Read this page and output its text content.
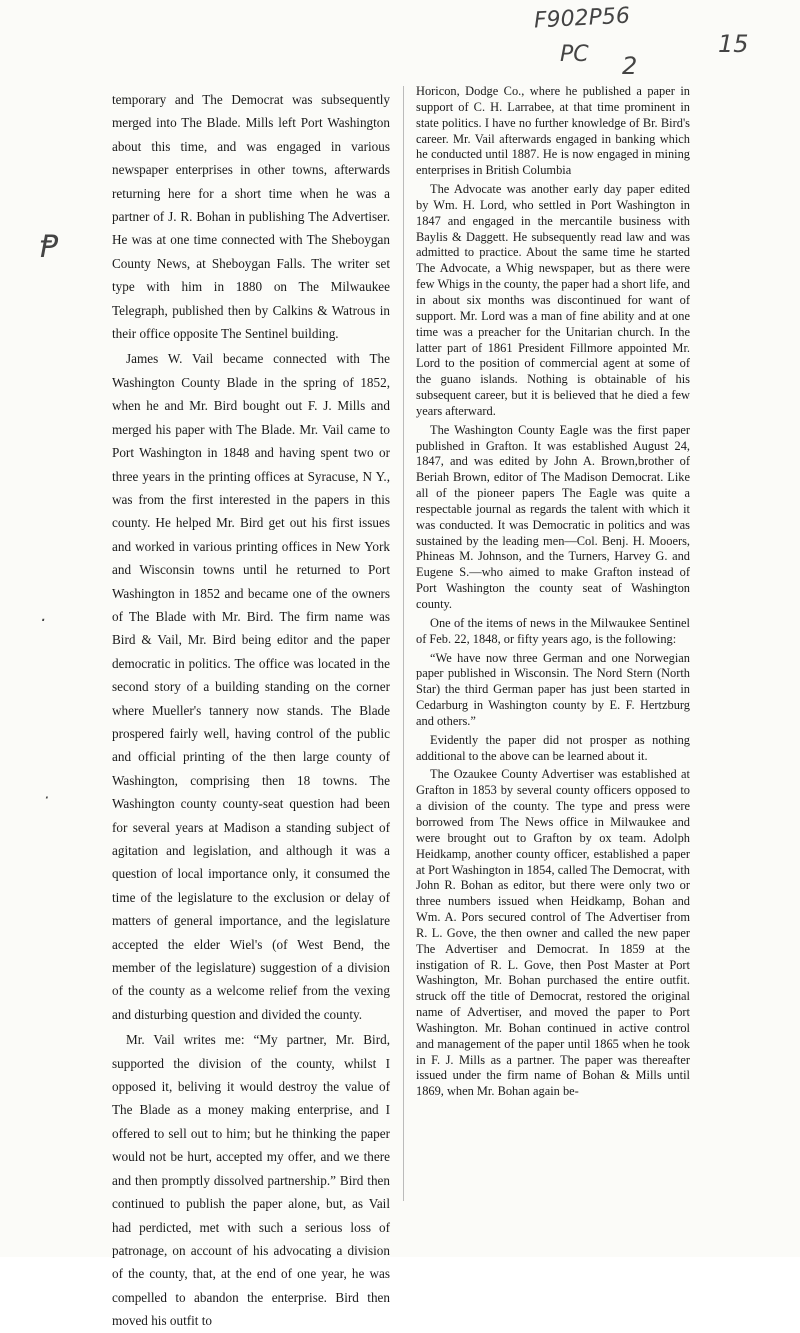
F902P56
PC 2
15
Ᵽ
·
·

temporary and The Democrat was subsequently merged into The Blade. Mills left Port Washington about this time, and was engaged in various newspaper enterprises in other towns, afterwards returning here for a short time when he was a partner of J. R. Bohan in publishing The Advertiser. He was at one time connected with The Sheboygan County News, at Sheboygan Falls. The writer set type with him in 1880 on The Milwaukee Telegraph, published then by Calkins & Watrous in their office opposite The Sentinel building.

James W. Vail became connected with The Washington County Blade in the spring of 1852, when he and Mr. Bird bought out F. J. Mills and merged his paper with The Blade. Mr. Vail came to Port Washington in 1848 and having spent two or three years in the printing offices at Syracuse, N Y., was from the first interested in the papers in this county. He helped Mr. Bird get out his first issues and worked in various printing offices in New York and Wisconsin towns until he returned to Port Washington in 1852 and became one of the owners of The Blade with Mr. Bird. The firm name was Bird & Vail, Mr. Bird being editor and the paper democratic in politics. The office was located in the second story of a building standing on the corner where Mueller's tannery now stands. The Blade prospered fairly well, having control of the public and official printing of the then large county of Washington, comprising then 18 towns. The Washington county county-seat question had been for several years at Madison a standing subject of agitation and legislation, and although it was a question of local importance only, it consumed the time of the legislature to the exclusion or delay of matters of general importance, and the legislature accepted the elder Wiel's (of West Bend, the member of the legislature) suggestion of a division of the county as a welcome relief from the vexing and disturbing question and divided the county.

Mr. Vail writes me: “My partner, Mr. Bird, supported the division of the county, whilst I opposed it, beliving it would destroy the value of The Blade as a money making enterprise, and I offered to sell out to him; but he thinking the paper would not be hurt, accepted my offer, and we there and then promptly dissolved partnership.” Bird then continued to publish the paper alone, but, as Vail had perdicted, met with such a serious loss of patronage, on account of his advocating a division of the county, that, at the end of one year, he was compelled to abandon the enterprise. Bird then moved his outfit to

Horicon, Dodge Co., where he published a paper in support of C. H. Larrabee, at that time prominent in state politics. I have no further knowledge of Br. Bird's career. Mr. Vail afterwards engaged in banking which he conducted until 1887. He is now engaged in mining enterprises in British Columbia

The Advocate was another early day paper edited by Wm. H. Lord, who settled in Port Washington in 1847 and engaged in the mercantile business with Baylis & Daggett. He subsequently read law and was admitted to practice. About the same time he started The Advocate, a Whig newspaper, but as there were few Whigs in the county, the paper had a short life, and in about six months was discontinued for want of support. Mr. Lord was a man of fine ability and at one time was a preacher for the Unitarian church. In the latter part of 1861 President Fillmore appointed Mr. Lord to the position of commercial agent at some of the guano islands. Nothing is obtainable of his subsequent career, but it is believed that he died a few years afterward.

The Washington County Eagle was the first paper published in Grafton. It was established August 24, 1847, and was edited by John A. Brown,brother of Beriah Brown, editor of The Madison Democrat. Like all of the pioneer papers The Eagle was quite a respectable journal as regards the talent with which it was conducted. It was Democratic in politics and was sustained by the leading men—Col. Benj. H. Mooers, Phineas M. Johnson, and the Turners, Harvey G. and Eugene S.—who aimed to make Grafton instead of Port Washington the county seat of Washington county.

One of the items of news in the Milwaukee Sentinel of Feb. 22, 1848, or fifty years ago, is the following:

“We have now three German and one Norwegian paper published in Wisconsin. The Nord Stern (North Star) the third German paper has just been started in Cedarburg in Washington county by E. F. Hertzburg and others.”

Evidently the paper did not prosper as nothing additional to the above can be learned about it.

The Ozaukee County Advertiser was established at Grafton in 1853 by several county officers opposed to a division of the county. The type and press were borrowed from The News office in Milwaukee and were brought out to Grafton by ox team. Adolph Heidkamp, another county officer, established a paper at Port Washington in 1854, called The Democrat, with John R. Bohan as editor, but there were only two or three numbers issued when Heidkamp, Bohan and Wm. A. Pors secured control of The Advertiser from R. L. Gove, the then owner and called the new paper The Advertiser and Democrat. In 1859 at the instigation of R. L. Gove, then Post Master at Port Washington, Mr. Bohan purchased the entire outfit. struck off the title of Democrat, restored the original name of Advertiser, and moved the paper to Port Washington. Mr. Bohan continued in active control and management of the paper until 1865 when he took in F. J. Mills as a partner. The paper was thereafter issued under the firm name of Bohan & Mills until 1869, when Mr. Bohan again be-
